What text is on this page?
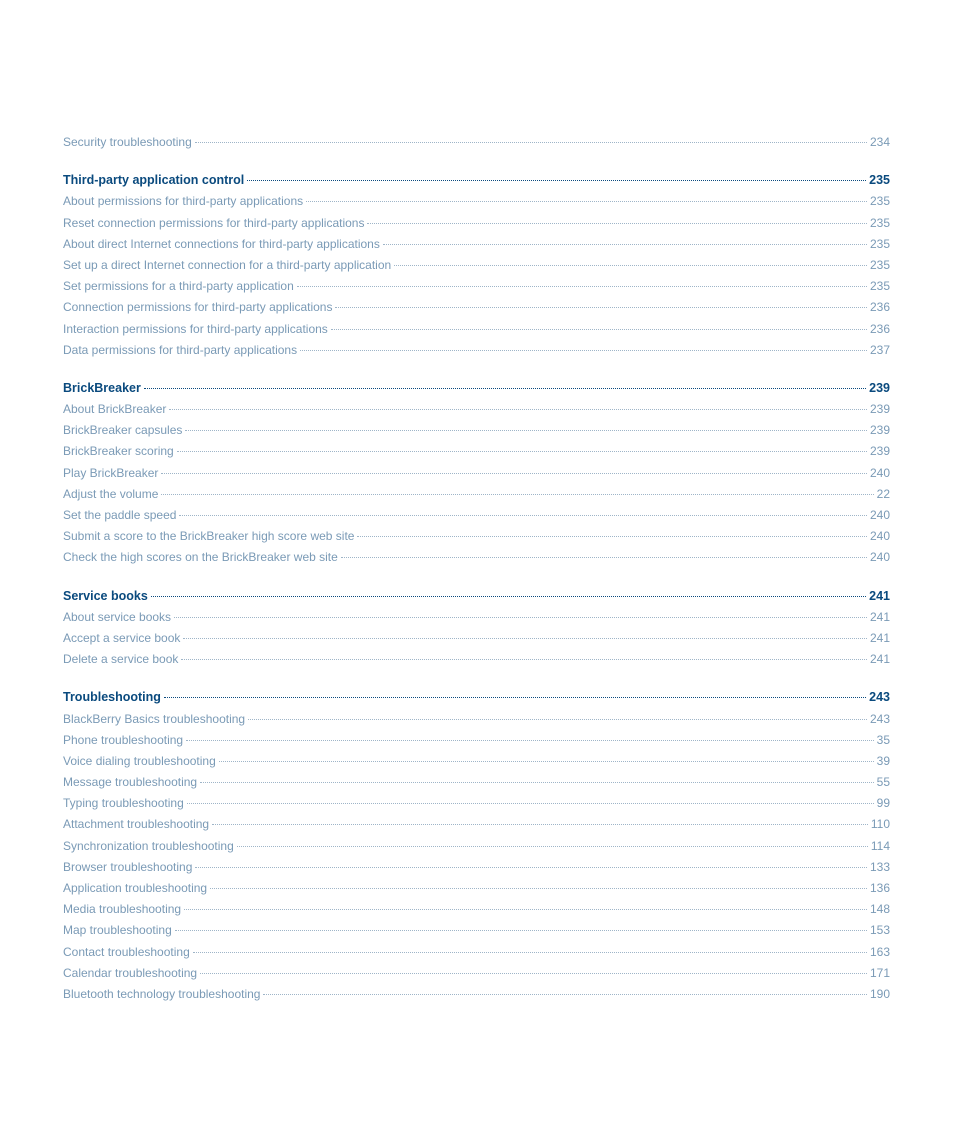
Security troubleshooting	234
Third-party application control	235
About permissions for third-party applications	235
Reset connection permissions for third-party applications	235
About direct Internet connections for third-party applications	235
Set up a direct Internet connection for a third-party application	235
Set permissions for a third-party application	235
Connection permissions for third-party applications	236
Interaction permissions for third-party applications	236
Data permissions for third-party applications	237
BrickBreaker	239
About BrickBreaker	239
BrickBreaker capsules	239
BrickBreaker scoring	239
Play BrickBreaker	240
Adjust the volume	22
Set the paddle speed	240
Submit a score to the BrickBreaker high score web site	240
Check the high scores on the BrickBreaker web site	240
Service books	241
About service books	241
Accept a service book	241
Delete a service book	241
Troubleshooting	243
BlackBerry Basics troubleshooting	243
Phone troubleshooting	35
Voice dialing troubleshooting	39
Message troubleshooting	55
Typing troubleshooting	99
Attachment troubleshooting	110
Synchronization troubleshooting	114
Browser troubleshooting	133
Application troubleshooting	136
Media troubleshooting	148
Map troubleshooting	153
Contact troubleshooting	163
Calendar troubleshooting	171
Bluetooth technology troubleshooting	190
